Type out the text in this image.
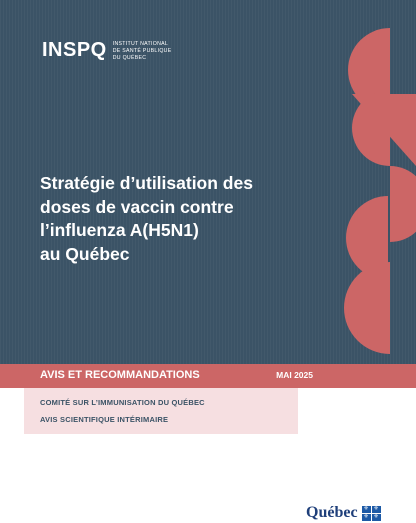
INSPQ INSTITUT NATIONAL
DE SANTÉ PUBLIQUE
DU QUÉBEC
Stratégie d’utilisation des
doses de vaccin contre
l’influenza A(H5N1)
au Québec
AVIS ET RECOMMANDATIONS	MAI 2025
COMITÉ SUR L’IMMUNISATION DU QUÉBEC
AVIS SCIENTIFIQUE INTÉRIMAIRE
Québec ⚜ ⚜
⚜ ⚜
